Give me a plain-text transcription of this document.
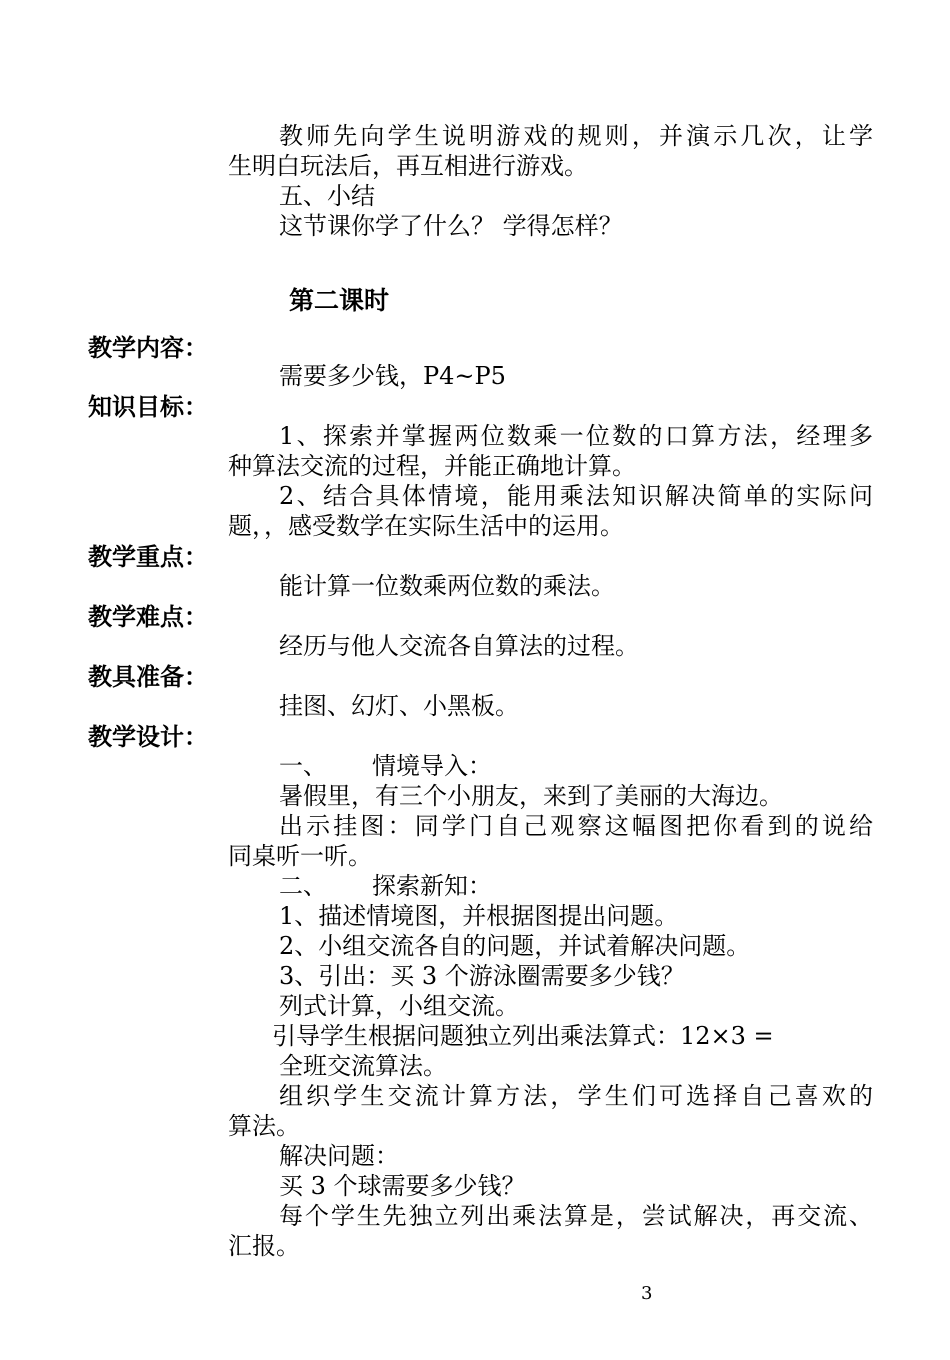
教师先向学生说明游戏的规则，并演示几次，让学
生明白玩法后，再互相进行游戏。
五、小结
这节课你学了什么？ 学得怎样？
第二课时
教学内容：
需要多少钱，P4~P5
知识目标：
1、探索并掌握两位数乘一位数的口算方法，经理多
种算法交流的过程，并能正确地计算。
2、结合具体情境，能用乘法知识解决简单的实际问
题，，感受数学在实际生活中的运用。
教学重点：
能计算一位数乘两位数的乘法。
教学难点：
经历与他人交流各自算法的过程。
教具准备：
挂图、幻灯、小黑板。
教学设计：
一、 情境导入：
暑假里，有三个小朋友，来到了美丽的大海边。
出示挂图：同学门自己观察这幅图把你看到的说给
同桌听一听。
二、 探索新知：
1、描述情境图，并根据图提出问题。
2、小组交流各自的问题，并试着解决问题。
3、引出：买 3 个游泳圈需要多少钱？
列式计算，小组交流。
引导学生根据问题独立列出乘法算式：12×3 =
全班交流算法。
组织学生交流计算方法，学生们可选择自己喜欢的
算法。
解决问题：
买 3 个球需要多少钱？
每个学生先独立列出乘法算是，尝试解决，再交流、
汇报。
3
